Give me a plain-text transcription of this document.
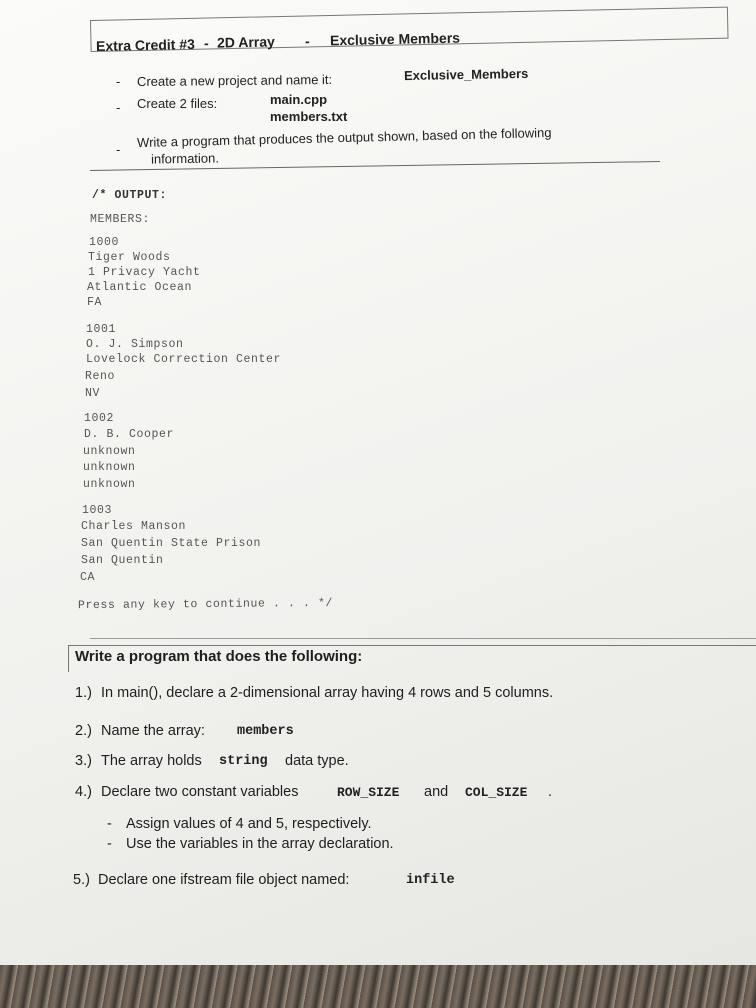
Extra Credit #3 - 2D Array - Exclusive Members
- Create a new project and name it:	Exclusive_Members
- Create 2 files:	main.cpp
members.txt
- Write a program that produces the output shown, based on the following
information.
/* OUTPUT:
MEMBERS:
1000
Tiger Woods
1 Privacy Yacht
Atlantic Ocean
FA
1001
O. J. Simpson
Lovelock Correction Center
Reno
NV
1002
D. B. Cooper
unknown
unknown
unknown
1003
Charles Manson
San Quentin State Prison
San Quentin
CA
Press any key to continue . . . */
Write a program that does the following:
1.) In main(), declare a 2-dimensional array having 4 rows and 5 columns.
2.) Name the array: members
3.) The array holds string data type.
4.) Declare two constant variables	ROW_SIZE and COL_SIZE .
- Assign values of 4 and 5, respectively.
- Use the variables in the array declaration.
5.) Declare one ifstream file object named:	infile
